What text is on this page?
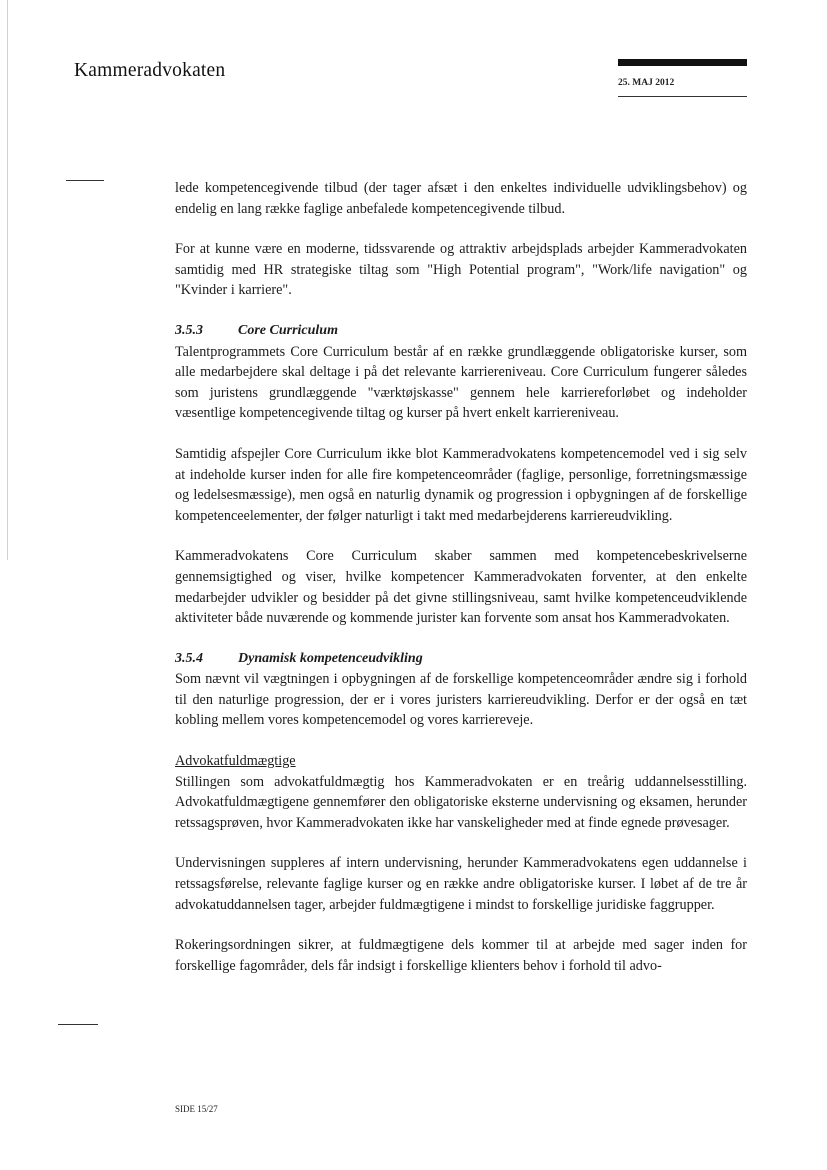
Kammeradvokaten
25. MAJ 2012

lede kompetencegivende tilbud (der tager afsæt i den enkeltes individuelle udviklingsbehov) og endelig en lang række faglige anbefalede kompetencegivende tilbud.

For at kunne være en moderne, tidssvarende og attraktiv arbejdsplads arbejder Kammeradvokaten samtidig med HR strategiske tiltag som "High Potential program", "Work/life navigation" og "Kvinder i karriere".

3.5.3	Core Curriculum

Talentprogrammets Core Curriculum består af en række grundlæggende obligatoriske kurser, som alle medarbejdere skal deltage i på det relevante karriereniveau. Core Curriculum fungerer således som juristens grundlæggende "værktøjskasse" gennem hele karriereforløbet og indeholder væsentlige kompetencegivende tiltag og kurser på hvert enkelt karriereniveau.

Samtidig afspejler Core Curriculum ikke blot Kammeradvokatens kompetencemodel ved i sig selv at indeholde kurser inden for alle fire kompetenceområder (faglige, personlige, forretningsmæssige og ledelsesmæssige), men også en naturlig dynamik og progression i opbygningen af de forskellige kompetenceelementer, der følger naturligt i takt med medarbejderens karriereudvikling.

Kammeradvokatens Core Curriculum skaber sammen med kompetencebeskrivelserne gennemsigtighed og viser, hvilke kompetencer Kammeradvokaten forventer, at den enkelte medarbejder udvikler og besidder på det givne stillingsniveau, samt hvilke kompetenceudviklende aktiviteter både nuværende og kommende jurister kan forvente som ansat hos Kammeradvokaten.

3.5.4	Dynamisk kompetenceudvikling

Som nævnt vil vægtningen i opbygningen af de forskellige kompetenceområder ændre sig i forhold til den naturlige progression, der er i vores juristers karriereudvikling. Derfor er der også en tæt kobling mellem vores kompetencemodel og vores karriereveje.

Advokatfuldmægtige

Stillingen som advokatfuldmægtig hos Kammeradvokaten er en treårig uddannelsesstilling. Advokatfuldmægtigene gennemfører den obligatoriske eksterne undervisning og eksamen, herunder retssagsprøven, hvor Kammeradvokaten ikke har vanskeligheder med at finde egnede prøvesager.

Undervisningen suppleres af intern undervisning, herunder Kammeradvokatens egen uddannelse i retssagsførelse, relevante faglige kurser og en række andre obligatoriske kurser. I løbet af de tre år advokatuddannelsen tager, arbejder fuldmægtigene i mindst to forskellige juridiske faggrupper.

Rokeringsordningen sikrer, at fuldmægtigene dels kommer til at arbejde med sager inden for forskellige fagområder, dels får indsigt i forskellige klienters behov i forhold til advo-

SIDE 15/27
